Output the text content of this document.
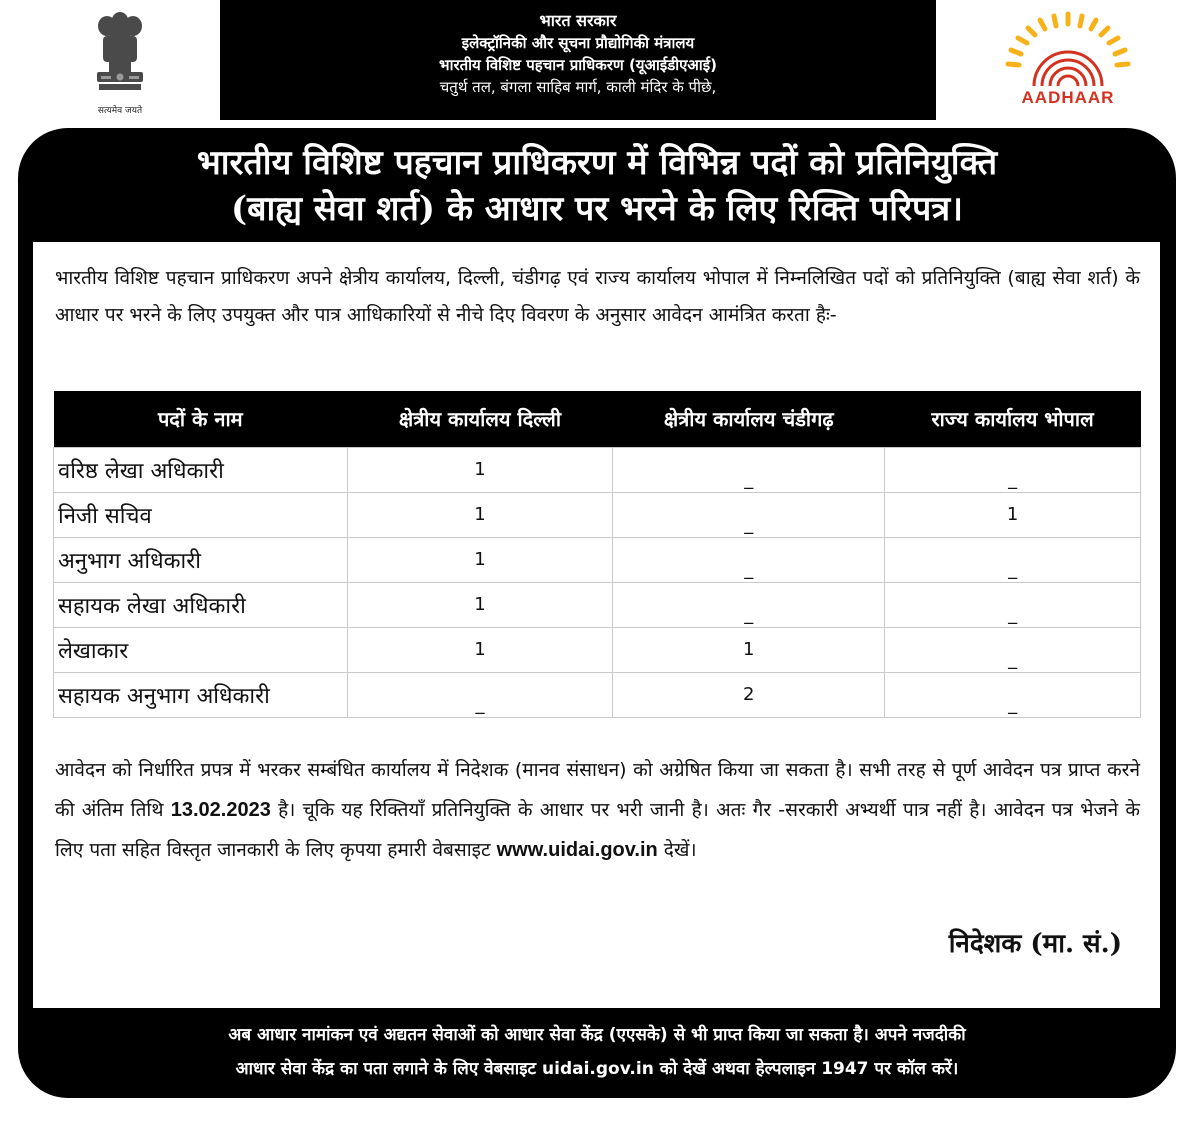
सत्यमेव जयते
भारत सरकार
इलेक्ट्रॉनिकी और सूचना प्रौद्योगिकी मंत्रालय
भारतीय विशिष्ट पहचान प्राधिकरण (यूआईडीएआई)
चतुर्थ तल, बंगला साहिब मार्ग, काली मंदिर के पीछे,
AADHAAR
भारतीय विशिष्ट पहचान प्राधिकरण में विभिन्न पदों को प्रतिनियुक्ति
(बाह्य सेवा शर्त) के आधार पर भरने के लिए रिक्ति परिपत्र।

भारतीय विशिष्ट पहचान प्राधिकरण अपने क्षेत्रीय कार्यालय, दिल्ली, चंडीगढ़ एवं राज्य कार्यालय भोपाल में निम्नलिखित पदों को प्रतिनियुक्ति (बाह्य सेवा शर्त) के आधार पर भरने के लिए उपयुक्त और पात्र आधिकारियों से नीचे दिए विवरण के अनुसार आवेदन आमंत्रित करता हैः-

पदों के नाम	क्षेत्रीय कार्यालय दिल्ली	क्षेत्रीय कार्यालय चंडीगढ़	राज्य कार्यालय भोपाल
वरिष्ठ लेखा अधिकारी	1	_	_
निजी सचिव	1	_	1
अनुभाग अधिकारी	1	_	_
सहायक लेखा अधिकारी	1	_	_
लेखाकार	1	1	_
सहायक अनुभाग अधिकारी	_	2	_

आवेदन को निर्धारित प्रपत्र में भरकर सम्बंधित कार्यालय में निदेशक (मानव संसाधन) को अग्रेषित किया जा सकता है। सभी तरह से पूर्ण आवेदन पत्र प्राप्त करने की अंतिम तिथि 13.02.2023 है। चूकि यह रिक्तियाँ प्रतिनियुक्ति के आधार पर भरी जानी है। अतः गैर -सरकारी अभ्यर्थी पात्र नहीं है। आवेदन पत्र भेजने के लिए पता सहित विस्तृत जानकारी के लिए कृपया हमारी वेबसाइट www.uidai.gov.in देखें।

निदेशक (मा. सं.)
अब आधार नामांकन एवं अद्यतन सेवाओं को आधार सेवा केंद्र (एएसके) से भी प्राप्त किया जा सकता है। अपने नजदीकी
आधार सेवा केंद्र का पता लगाने के लिए वेबसाइट uidai.gov.in को देखें अथवा हेल्पलाइन 1947 पर कॉल करें।
